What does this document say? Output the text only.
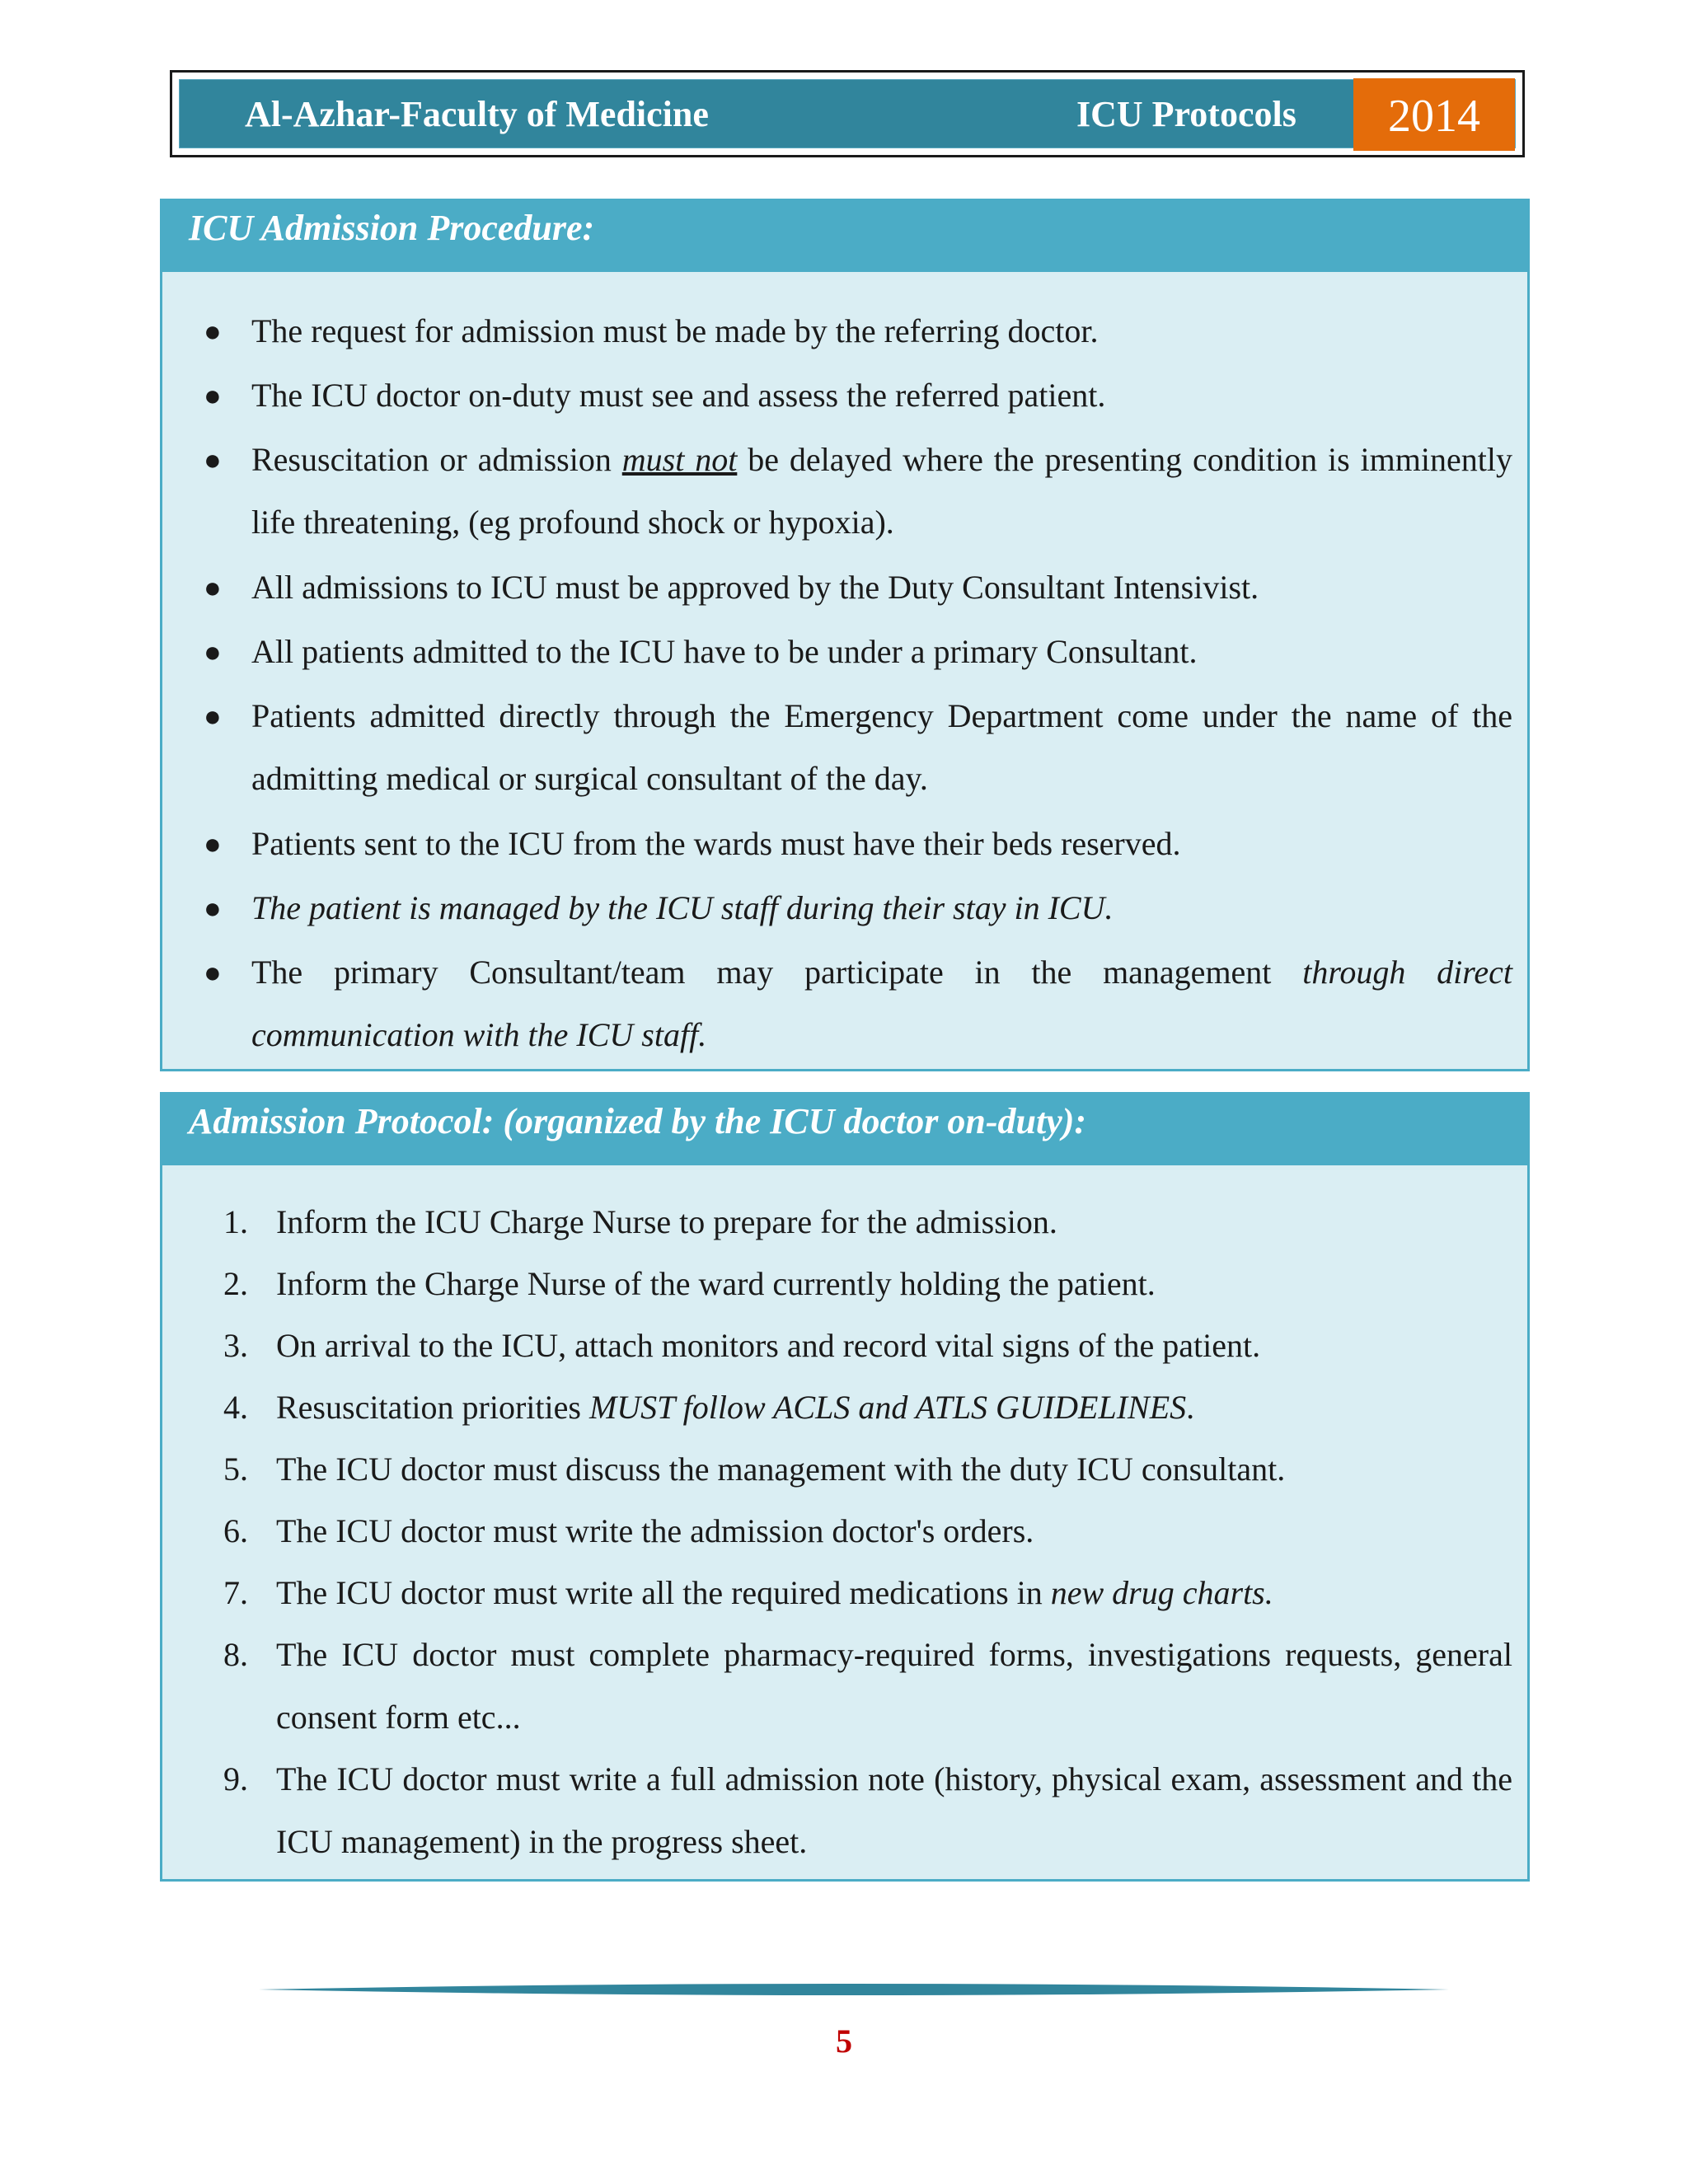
Al-Azhar-Faculty of Medicine	ICU Protocols	2014
ICU Admission Procedure:
● The request for admission must be made by the referring doctor.
● The ICU doctor on-duty must see and assess the referred patient.
● Resuscitation or admission must not be delayed where the presenting condition is imminently life threatening, (eg profound shock or hypoxia).
● All admissions to ICU must be approved by the Duty Consultant Intensivist.
● All patients admitted to the ICU have to be under a primary Consultant.
● Patients admitted directly through the Emergency Department come under the name of the admitting medical or surgical consultant of the day.
● Patients sent to the ICU from the wards must have their beds reserved.
● The patient is managed by the ICU staff during their stay in ICU.
● The primary Consultant/team may participate in the management through direct communication with the ICU staff.
Admission Protocol: (organized by the ICU doctor on-duty):
1. Inform the ICU Charge Nurse to prepare for the admission.
2. Inform the Charge Nurse of the ward currently holding the patient.
3. On arrival to the ICU, attach monitors and record vital signs of the patient.
4. Resuscitation priorities MUST follow ACLS and ATLS GUIDELINES.
5. The ICU doctor must discuss the management with the duty ICU consultant.
6. The ICU doctor must write the admission doctor's orders.
7. The ICU doctor must write all the required medications in new drug charts.
8. The ICU doctor must complete pharmacy-required forms, investigations requests, general consent form etc...
9. The ICU doctor must write a full admission note (history, physical exam, assessment and the ICU management) in the progress sheet.
5
